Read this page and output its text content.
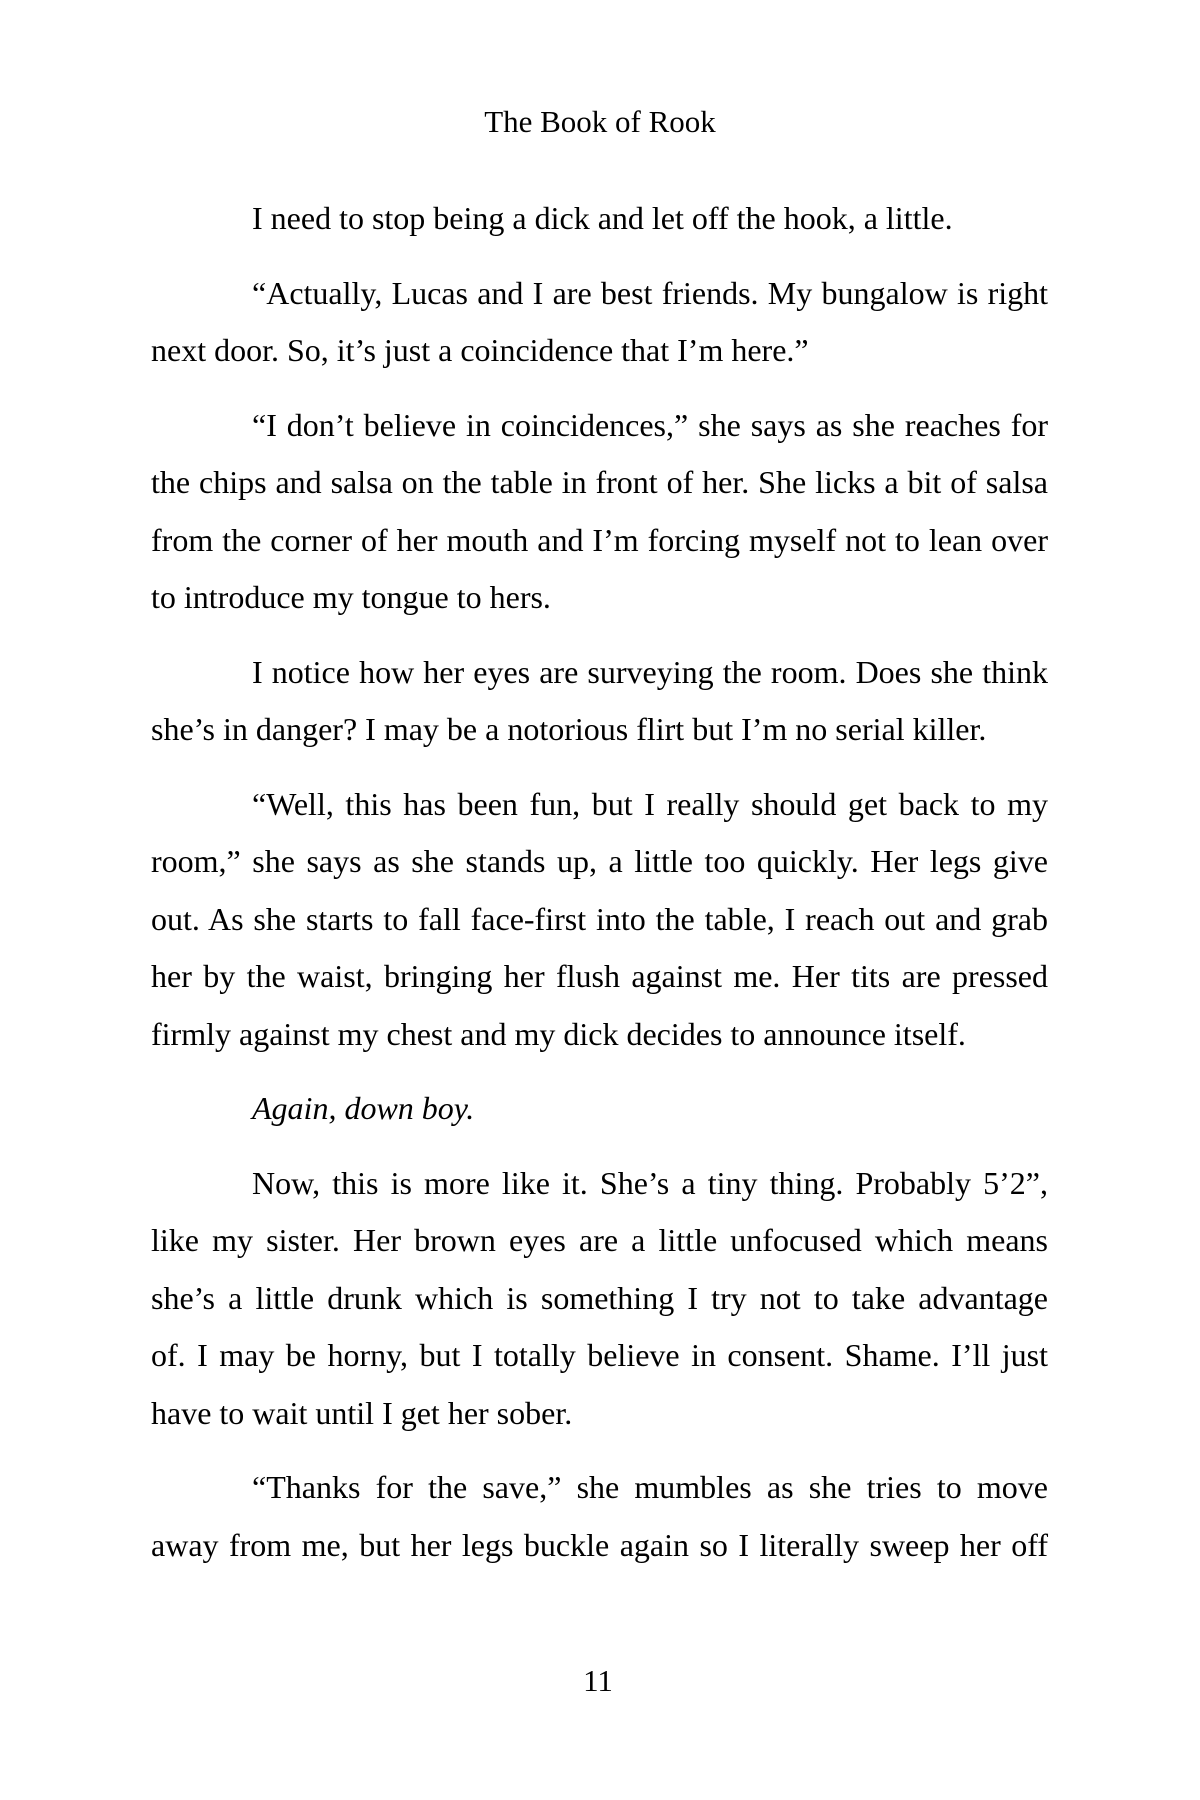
The Book of Rook
I need to stop being a dick and let off the hook, a little.
“Actually, Lucas and I are best friends. My bungalow is right
next door. So, it’s just a coincidence that I’m here.”
“I don’t believe in coincidences,” she says as she reaches for
the chips and salsa on the table in front of her. She licks a bit of salsa
from the corner of her mouth and I’m forcing myself not to lean over
to introduce my tongue to hers.
I notice how her eyes are surveying the room. Does she think
she’s in danger? I may be a notorious flirt but I’m no serial killer.
“Well, this has been fun, but I really should get back to my
room,” she says as she stands up, a little too quickly. Her legs give
out. As she starts to fall face-first into the table, I reach out and grab
her by the waist, bringing her flush against me. Her tits are pressed
firmly against my chest and my dick decides to announce itself.
Again, down boy.
Now, this is more like it. She’s a tiny thing. Probably 5’2”,
like my sister. Her brown eyes are a little unfocused which means
she’s a little drunk which is something I try not to take advantage
of. I may be horny, but I totally believe in consent. Shame. I’ll just
have to wait until I get her sober.
“Thanks for the save,” she mumbles as she tries to move
away from me, but her legs buckle again so I literally sweep her off
11
